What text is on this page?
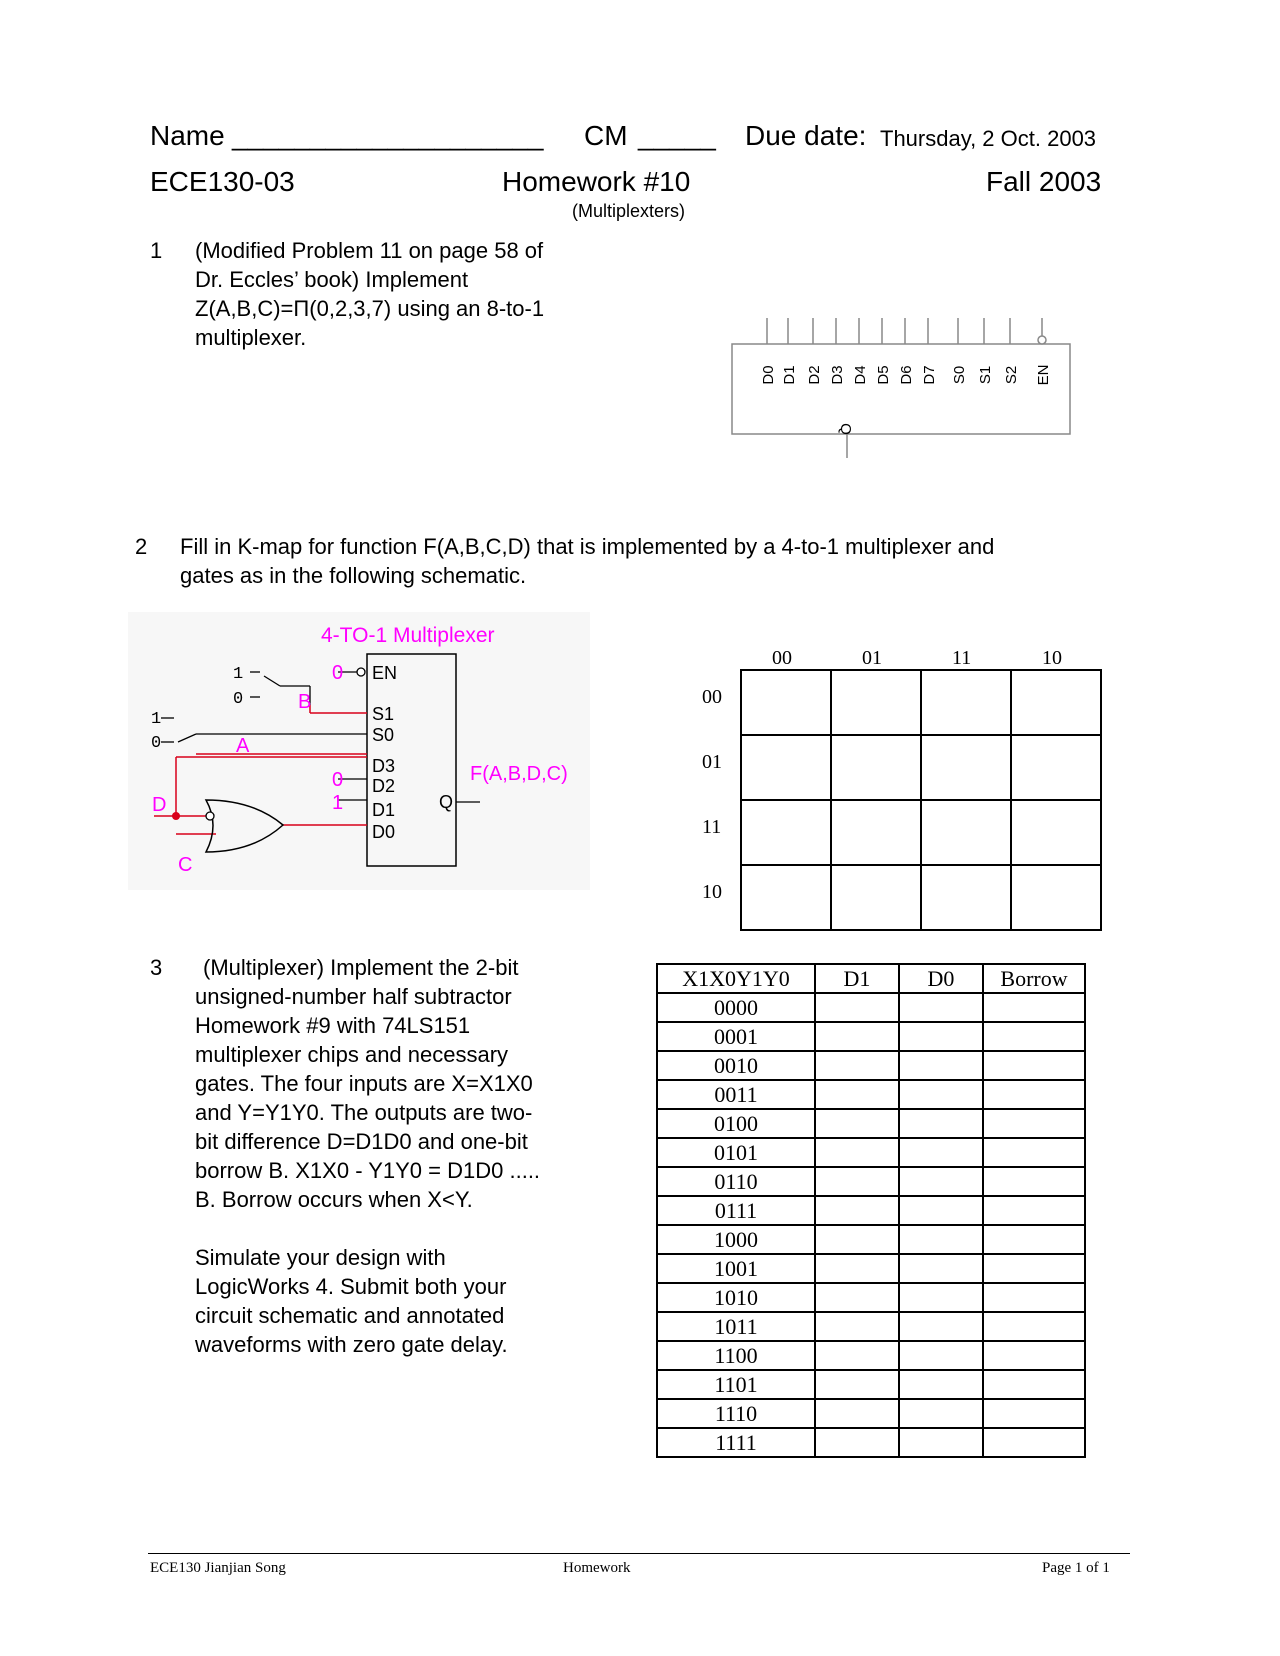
Name ____________________ CM _____ Due date: Thursday, 2 Oct. 2003
ECE130-03	Homework #10
(Multiplexters)
Fall 2003
1 (Modified Problem 11 on page 58 of
Dr. Eccles’ book) Implement
Z(A,B,C)=Π(0,2,3,7) using an 8-to-1
multiplexer.
D0 D1 D2 D3 D4 D5 D6 D7 S0 S1 S2 EN
Q
2 Fill in K-map for function F(A,B,C,D) that is implemented by a 4-to-1 multiplexer and
gates as in the following schematic.
4-TO-1 Multiplexer
EN
S1
S0
D3
D2
D1
D0
Q
1
0
1
0
0
0
1
B
A
D
C
F(A,B,D,C)
00	01	11	10
00
01
11
10
3	(Multiplexer) Implement the 2-bit
unsigned-number half subtractor
Homework #9 with 74LS151
multiplexer chips and necessary
gates. The four inputs are X=X1X0
and Y=Y1Y0. The outputs are two-
bit difference D=D1D0 and one-bit
borrow B. X1X0 - Y1Y0 = D1D0 .....
B. Borrow occurs when X<Y.
Simulate your design with
LogicWorks 4. Submit both your
circuit schematic and annotated
waveforms with zero gate delay.
X1X0Y1Y0	D1	D0	Borrow
0000			
0001			
0010			
0011			
0100			
0101			
0110			
0111			
1000			
1001			
1010			
1011			
1100			
1101			
1110			
1111			
ECE130 Jianjian Song	Homework	Page 1 of 1
